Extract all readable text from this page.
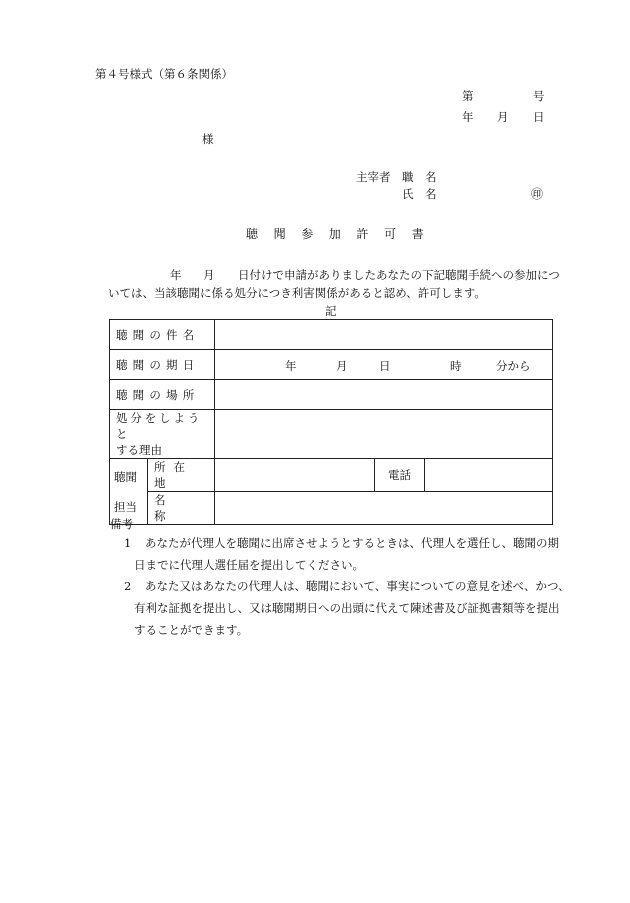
第４号様式（第６条関係）
第	号
年 月 日
様
主宰者 職　名
氏　名	㊞
聴聞参加許可書
年 月 日付けで申請がありましたあなたの下記聴聞手続への参加につ
いては、当該聴聞に係る処分につき利害関係があると認め、許可します。
記
聴聞の件名				
聴聞の期日		年 月 日 時 分から		

聴聞の場所				

処分をしようと
する理由				

聴聞
担当	所在地		電話	
	名　称			
備考
1 あなたが代理人を聴聞に出席させようとするときは、代理人を選任し、聴聞の期
日までに代理人選任届を提出してください。
2 あなた又はあなたの代理人は、聴聞において、事実についての意見を述べ、かつ、
有利な証拠を提出し、又は聴聞期日への出頭に代えて陳述書及び証拠書類等を提出
することができます。
